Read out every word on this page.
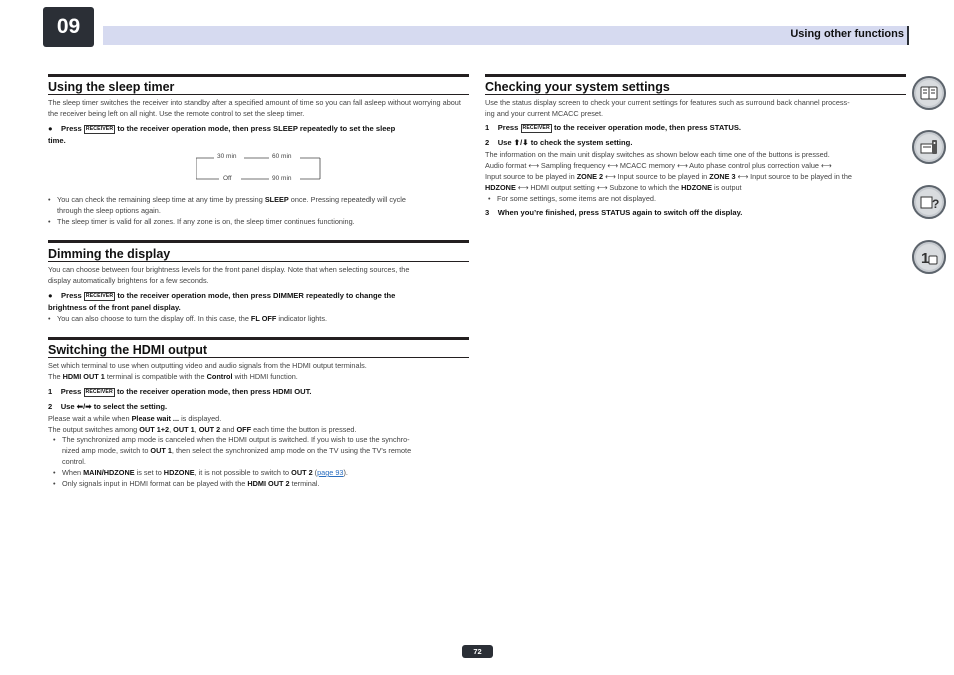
09	Using other functions
Using the sleep timer
The sleep timer switches the receiver into standby after a specified amount of time so you can fall asleep without worrying about the receiver being left on all night. Use the remote control to set the sleep timer.
● Press RECEIVER to the receiver operation mode, then press SLEEP repeatedly to set the sleep
time.
30 min	60 min
Off	90 min
• You can check the remaining sleep time at any time by pressing SLEEP once. Pressing repeatedly will cycle
through the sleep options again.
• The sleep timer is valid for all zones. If any zone is on, the sleep timer continues functioning.
Dimming the display
You can choose between four brightness levels for the front panel display. Note that when selecting sources, the
display automatically brightens for a few seconds.
● Press RECEIVER to the receiver operation mode, then press DIMMER repeatedly to change the
brightness of the front panel display.
• You can also choose to turn the display off. In this case, the FL OFF indicator lights.
Switching the HDMI output
Set which terminal to use when outputting video and audio signals from the HDMI output terminals.
The HDMI OUT 1 terminal is compatible with the Control with HDMI function.
1 Press RECEIVER to the receiver operation mode, then press HDMI OUT.
2 Use ⬅/➡ to select the setting.
Please wait a while when Please wait ... is displayed.
The output switches among OUT 1+2, OUT 1, OUT 2 and OFF each time the button is pressed.
• The synchronized amp mode is canceled when the HDMI output is switched. If you wish to use the synchro-
nized amp mode, switch to OUT 1, then select the synchronized amp mode on the TV using the TV's remote
control.
• When MAIN/HDZONE is set to HDZONE, it is not possible to switch to OUT 2 (page 93).
• Only signals input in HDMI format can be played with the HDMI OUT 2 terminal.
Checking your system settings
Use the status display screen to check your current settings for features such as surround back channel process-
ing and your current MCACC preset.
1 Press RECEIVER to the receiver operation mode, then press STATUS.
2 Use ⬆/⬇ to check the system setting.
The information on the main unit display switches as shown below each time one of the buttons is pressed.
Audio format ⟷ Sampling frequency ⟷ MCACC memory ⟷ Auto phase control plus correction value ⟷
Input source to be played in ZONE 2 ⟷ Input source to be played in ZONE 3 ⟷ Input source to be played in the
HDZONE ⟷ HDMI output setting ⟷ Subzone to which the HDZONE is output
• For some settings, some items are not displayed.
3 When you’re finished, press STATUS again to switch off the display.
?
1
72
